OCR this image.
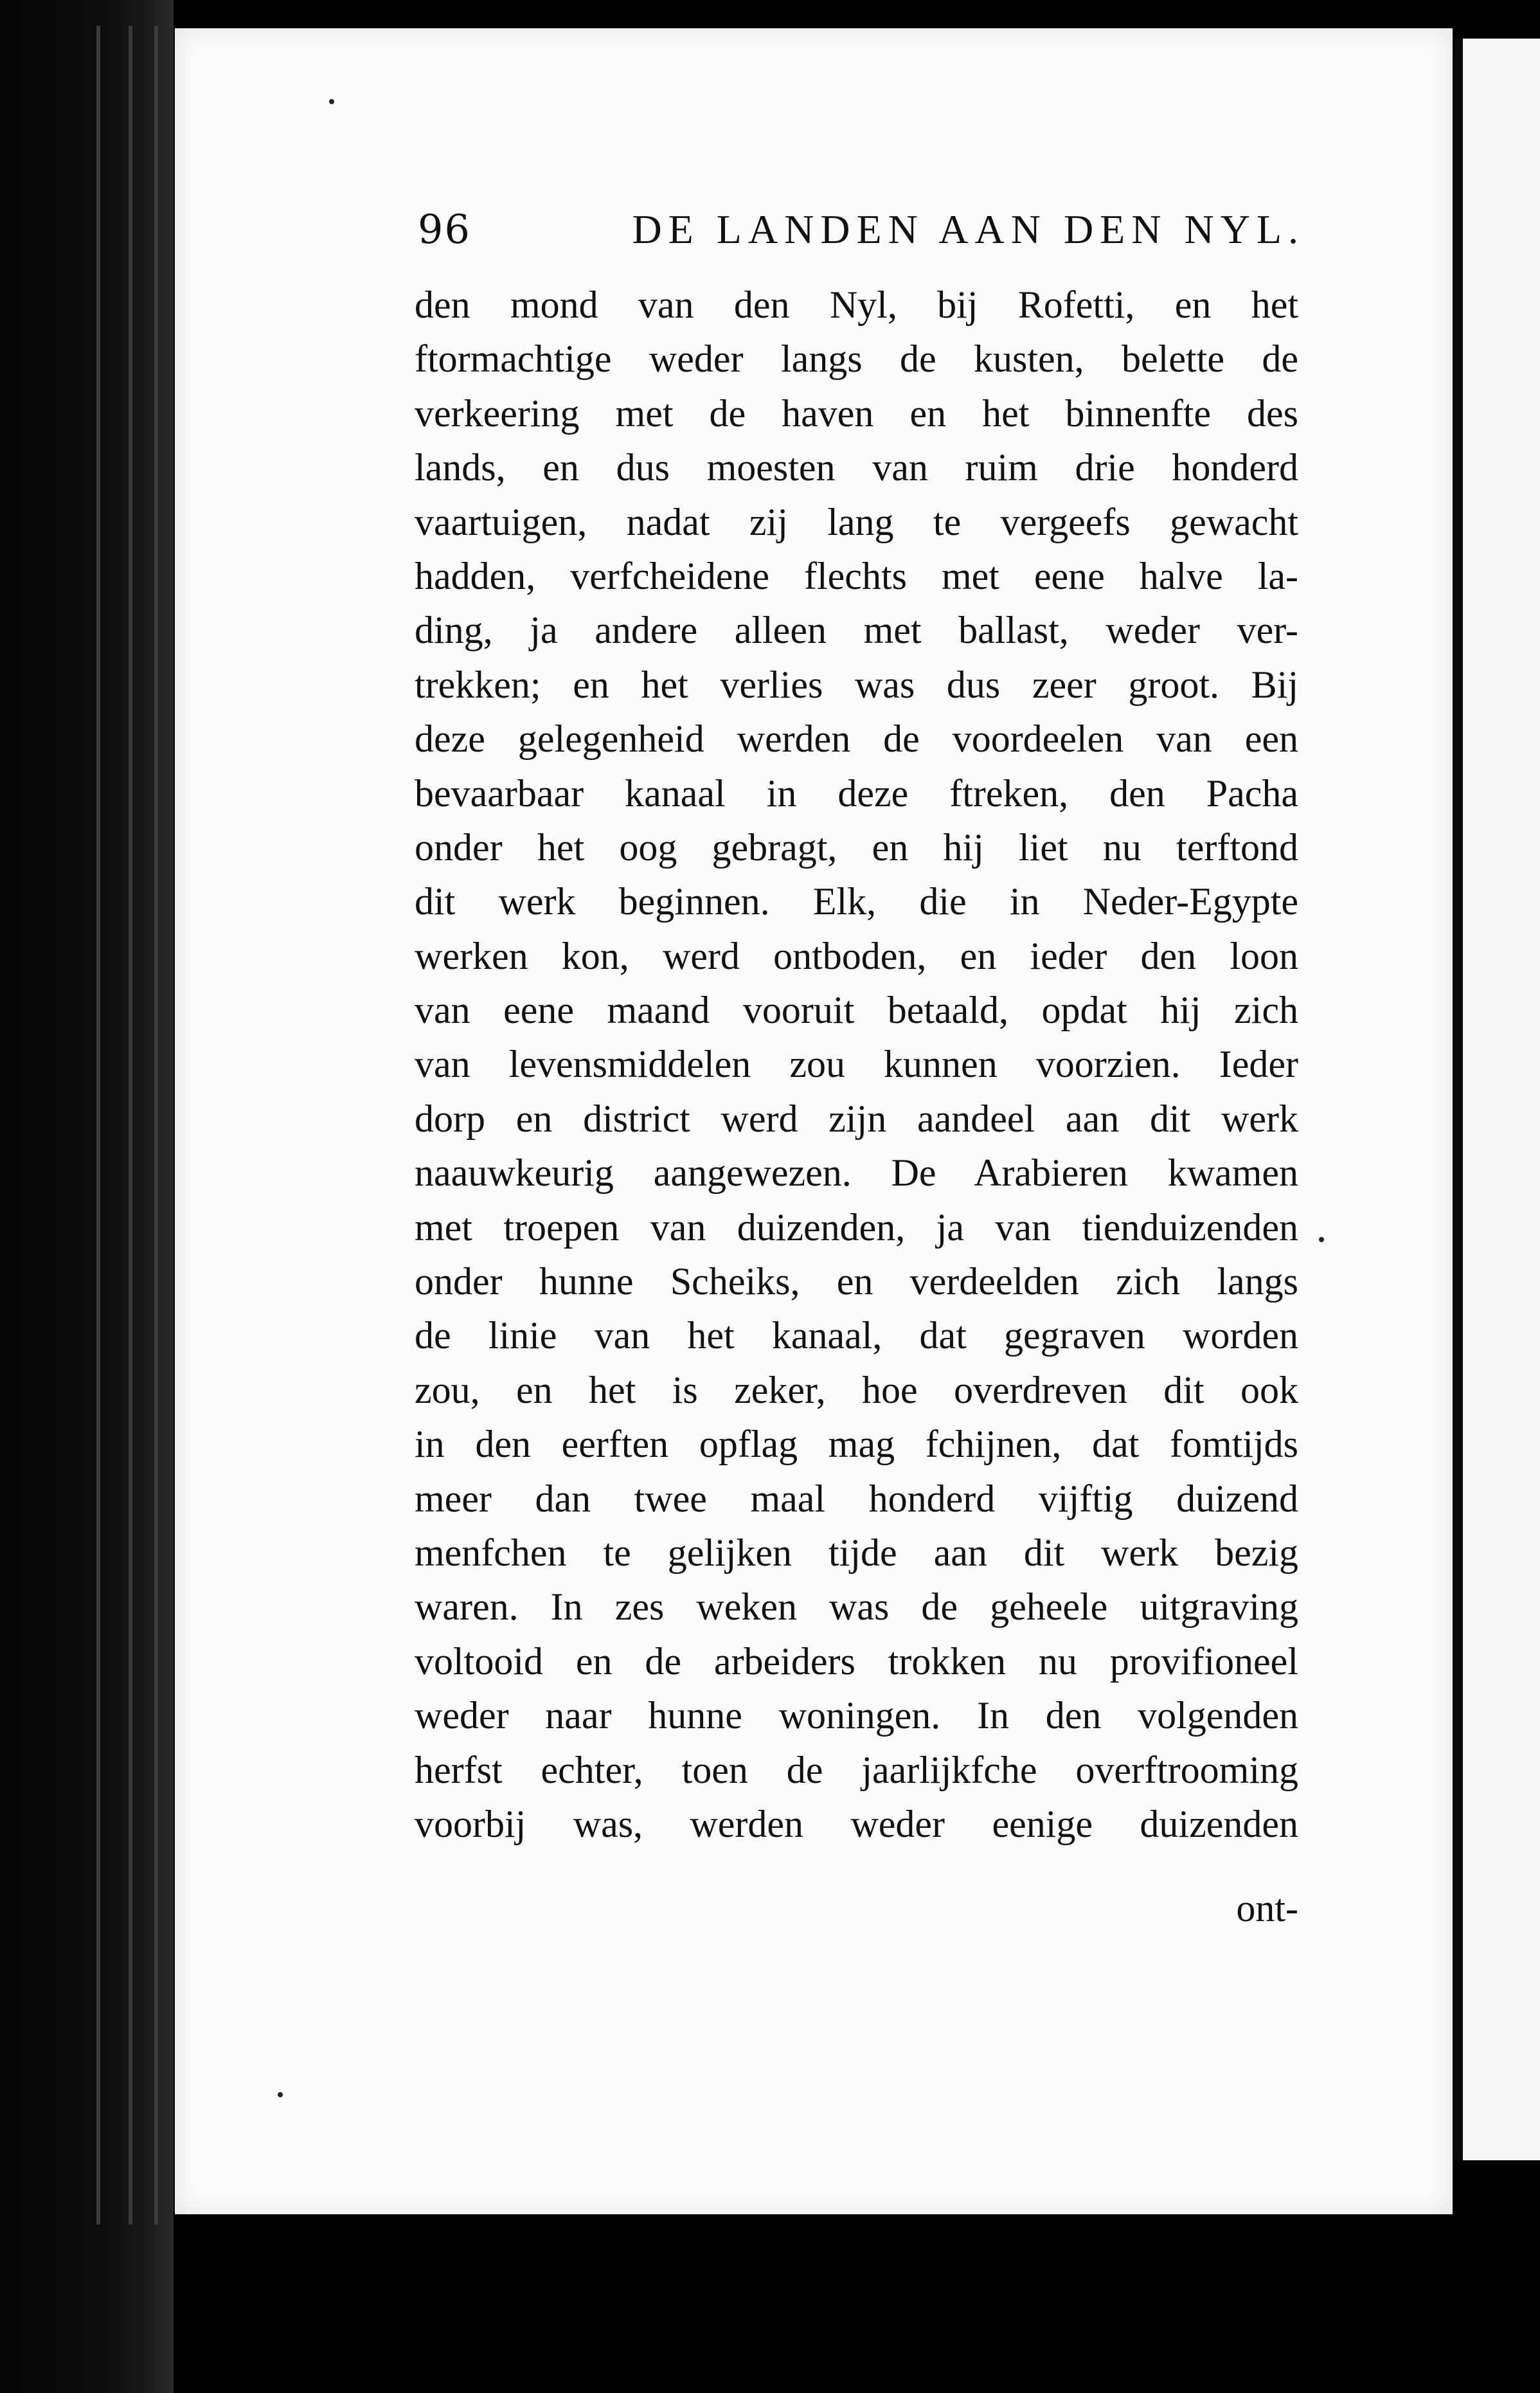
96	DE LANDEN AAN DEN NYL.
den mond van den Nyl, bij Rofetti, en het
ftormachtige weder langs de kusten, belette de
verkeering met de haven en het binnenfte des
lands, en dus moesten van ruim drie honderd
vaartuigen, nadat zij lang te vergeefs gewacht
hadden, verfcheidene flechts met eene halve la-
ding, ja andere alleen met ballast, weder ver-
trekken; en het verlies was dus zeer groot. Bij
deze gelegenheid werden de voordeelen van een
bevaarbaar kanaal in deze ftreken, den Pacha
onder het oog gebragt, en hij liet nu terftond
dit werk beginnen. Elk, die in Neder-Egypte
werken kon, werd ontboden, en ieder den loon
van eene maand vooruit betaald, opdat hij zich
van levensmiddelen zou kunnen voorzien. Ieder
dorp en district werd zijn aandeel aan dit werk
naauwkeurig aangewezen. De Arabieren kwamen
met troepen van duizenden, ja van tienduizenden
onder hunne Scheiks, en verdeelden zich langs
de linie van het kanaal, dat gegraven worden
zou, en het is zeker, hoe overdreven dit ook
in den eerften opflag mag fchijnen, dat fomtijds
meer dan twee maal honderd vijftig duizend
menfchen te gelijken tijde aan dit werk bezig
waren. In zes weken was de geheele uitgraving
voltooid en de arbeiders trokken nu provifioneel
weder naar hunne woningen. In den volgenden
herfst echter, toen de jaarlijkfche overftrooming
voorbij was, werden weder eenige duizenden
ont-
